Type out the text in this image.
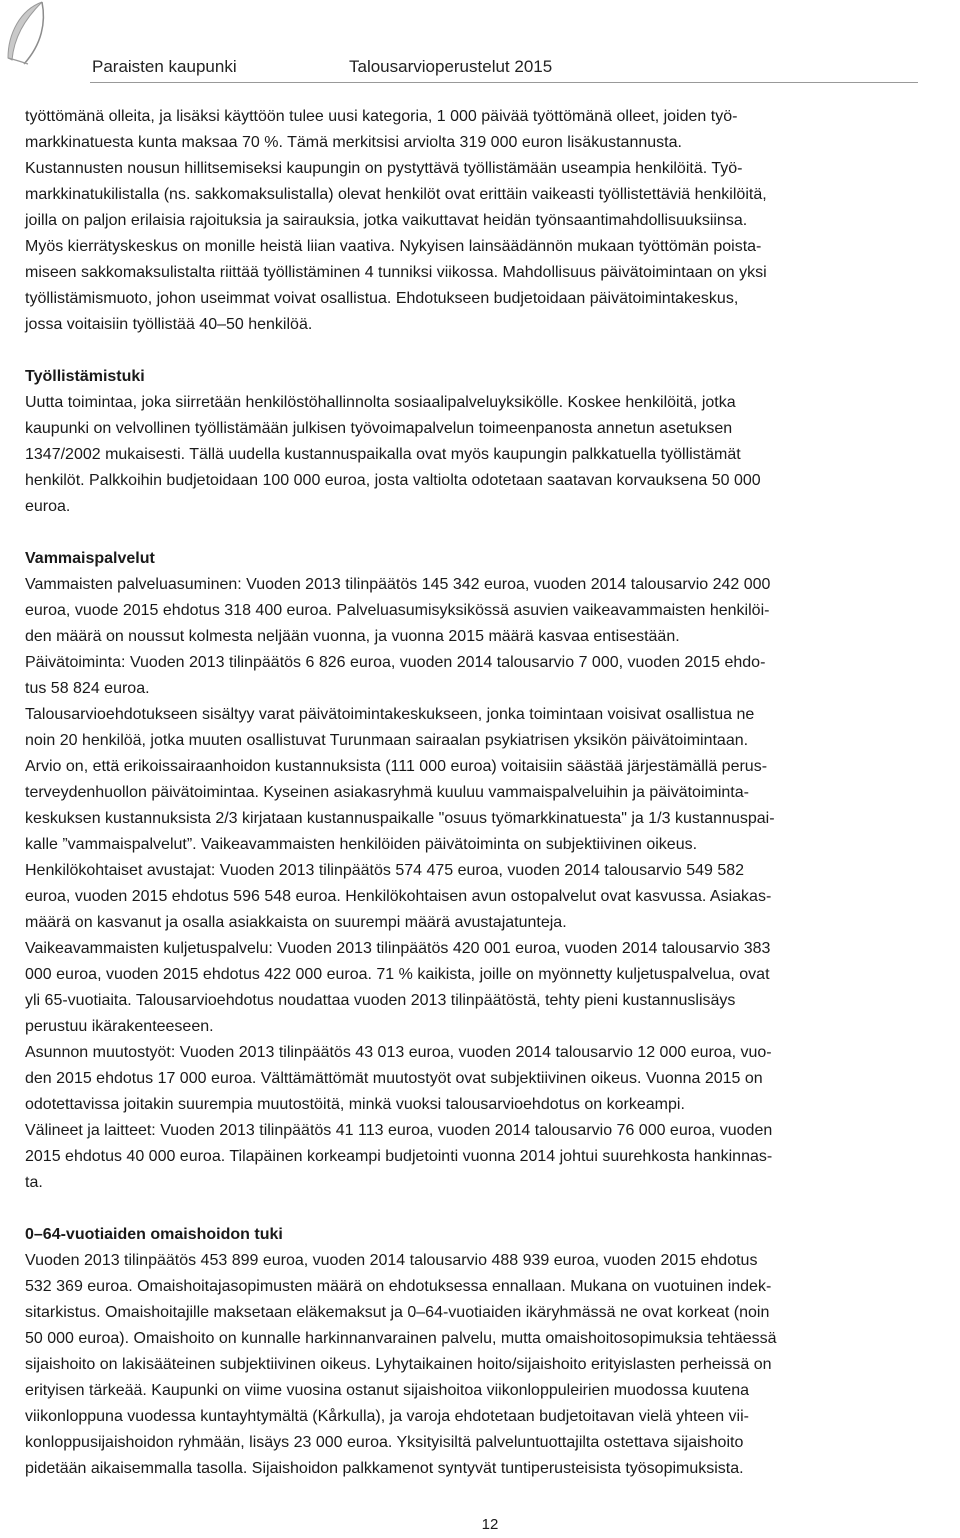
Paraisten kaupunki	Talousarvioperustelut 2015
työttömänä olleita, ja lisäksi käyttöön tulee uusi kategoria, 1 000 päivää työttömänä olleet, joiden työ-
markkinatuesta kunta maksaa 70 %. Tämä merkitsisi arviolta 319 000 euron lisäkustannusta.
Kustannusten nousun hillitsemiseksi kaupungin on pystyttävä työllistämään useampia henkilöitä. Työ-
markkinatukilistalla (ns. sakkomaksulistalla) olevat henkilöt ovat erittäin vaikeasti työllistettäviä henkilöitä,
joilla on paljon erilaisia rajoituksia ja sairauksia, jotka vaikuttavat heidän työnsaantimahdollisuuksiinsa.
Myös kierrätyskeskus on monille heistä liian vaativa. Nykyisen lainsäädännön mukaan työttömän poista-
miseen sakkomaksulistalta riittää työllistäminen 4 tunniksi viikossa. Mahdollisuus päivätoimintaan on yksi
työllistämismuoto, johon useimmat voivat osallistua. Ehdotukseen budjetoidaan päivätoimintakeskus,
jossa voitaisiin työllistää 40–50 henkilöä.
Työllistämistuki
Uutta toimintaa, joka siirretään henkilöstöhallinnolta sosiaalipalveluyksikölle. Koskee henkilöitä, jotka
kaupunki on velvollinen työllistämään julkisen työvoimapalvelun toimeenpanosta annetun asetuksen
1347/2002 mukaisesti. Tällä uudella kustannuspaikalla ovat myös kaupungin palkkatuella työllistämät
henkilöt. Palkkoihin budjetoidaan 100 000 euroa, josta valtiolta odotetaan saatavan korvauksena 50 000
euroa.
Vammaispalvelut
Vammaisten palveluasuminen: Vuoden 2013 tilinpäätös 145 342 euroa, vuoden 2014 talousarvio 242 000
euroa, vuode 2015 ehdotus 318 400 euroa. Palveluasumisyksikössä asuvien vaikeavammaisten henkilöi-
den määrä on noussut kolmesta neljään vuonna, ja vuonna 2015 määrä kasvaa entisestään.
Päivätoiminta: Vuoden 2013 tilinpäätös 6 826 euroa, vuoden 2014 talousarvio 7 000, vuoden 2015 ehdo-
tus 58 824 euroa.
Talousarvioehdotukseen sisältyy varat päivätoimintakeskukseen, jonka toimintaan voisivat osallistua ne
noin 20 henkilöä, jotka muuten osallistuvat Turunmaan sairaalan psykiatrisen yksikön päivätoimintaan.
Arvio on, että erikoissairaanhoidon kustannuksista (111 000 euroa) voitaisiin säästää järjestämällä perus-
terveydenhuollon päivätoimintaa. Kyseinen asiakasryhmä kuuluu vammaispalveluihin ja päivätoiminta-
keskuksen kustannuksista 2/3 kirjataan kustannuspaikalle "osuus työmarkkinatuesta" ja 1/3 kustannuspai-
kalle ”vammaispalvelut”. Vaikeavammaisten henkilöiden päivätoiminta on subjektiivinen oikeus.
Henkilökohtaiset avustajat: Vuoden 2013 tilinpäätös 574 475 euroa, vuoden 2014 talousarvio 549 582
euroa, vuoden 2015 ehdotus 596 548 euroa. Henkilökohtaisen avun ostopalvelut ovat kasvussa. Asiakas-
määrä on kasvanut ja osalla asiakkaista on suurempi määrä avustajatunteja.
Vaikeavammaisten kuljetuspalvelu: Vuoden 2013 tilinpäätös 420 001 euroa, vuoden 2014 talousarvio 383
000 euroa, vuoden 2015 ehdotus 422 000 euroa. 71 % kaikista, joille on myönnetty kuljetuspalvelua, ovat
yli 65-vuotiaita. Talousarvioehdotus noudattaa vuoden 2013 tilinpäätöstä, tehty pieni kustannuslisäys
perustuu ikärakenteeseen.
Asunnon muutostyöt: Vuoden 2013 tilinpäätös 43 013 euroa, vuoden 2014 talousarvio 12 000 euroa, vuo-
den 2015 ehdotus 17 000 euroa. Välttämättömät muutostyöt ovat subjektiivinen oikeus. Vuonna 2015 on
odotettavissa joitakin suurempia muutostöitä, minkä vuoksi talousarvioehdotus on korkeampi.
Välineet ja laitteet: Vuoden 2013 tilinpäätös 41 113 euroa, vuoden 2014 talousarvio 76 000 euroa, vuoden
2015 ehdotus 40 000 euroa. Tilapäinen korkeampi budjetointi vuonna 2014 johtui suurehkosta hankinnas-
ta.
0–64-vuotiaiden omaishoidon tuki
Vuoden 2013 tilinpäätös 453 899 euroa, vuoden 2014 talousarvio 488 939 euroa, vuoden 2015 ehdotus
532 369 euroa. Omaishoitajasopimusten määrä on ehdotuksessa ennallaan. Mukana on vuotuinen indek-
sitarkistus. Omaishoitajille maksetaan eläkemaksut ja 0–64-vuotiaiden ikäryhmässä ne ovat korkeat (noin
50 000 euroa). Omaishoito on kunnalle harkinnanvarainen palvelu, mutta omaishoitosopimuksia tehtäessä
sijaishoito on lakisääteinen subjektiivinen oikeus. Lyhytaikainen hoito/sijaishoito erityislasten perheissä on
erityisen tärkeää. Kaupunki on viime vuosina ostanut sijaishoitoa viikonloppuleirien muodossa kuutena
viikonloppuna vuodessa kuntayhtymältä (Kårkulla), ja varoja ehdotetaan budjetoitavan vielä yhteen vii-
konloppusijaishoidon ryhmään, lisäys 23 000 euroa. Yksityisiltä palveluntuottajilta ostettava sijaishoito
pidetään aikaisemmalla tasolla. Sijaishoidon palkkamenot syntyvät tuntiperusteisista työsopimuksista.
12
